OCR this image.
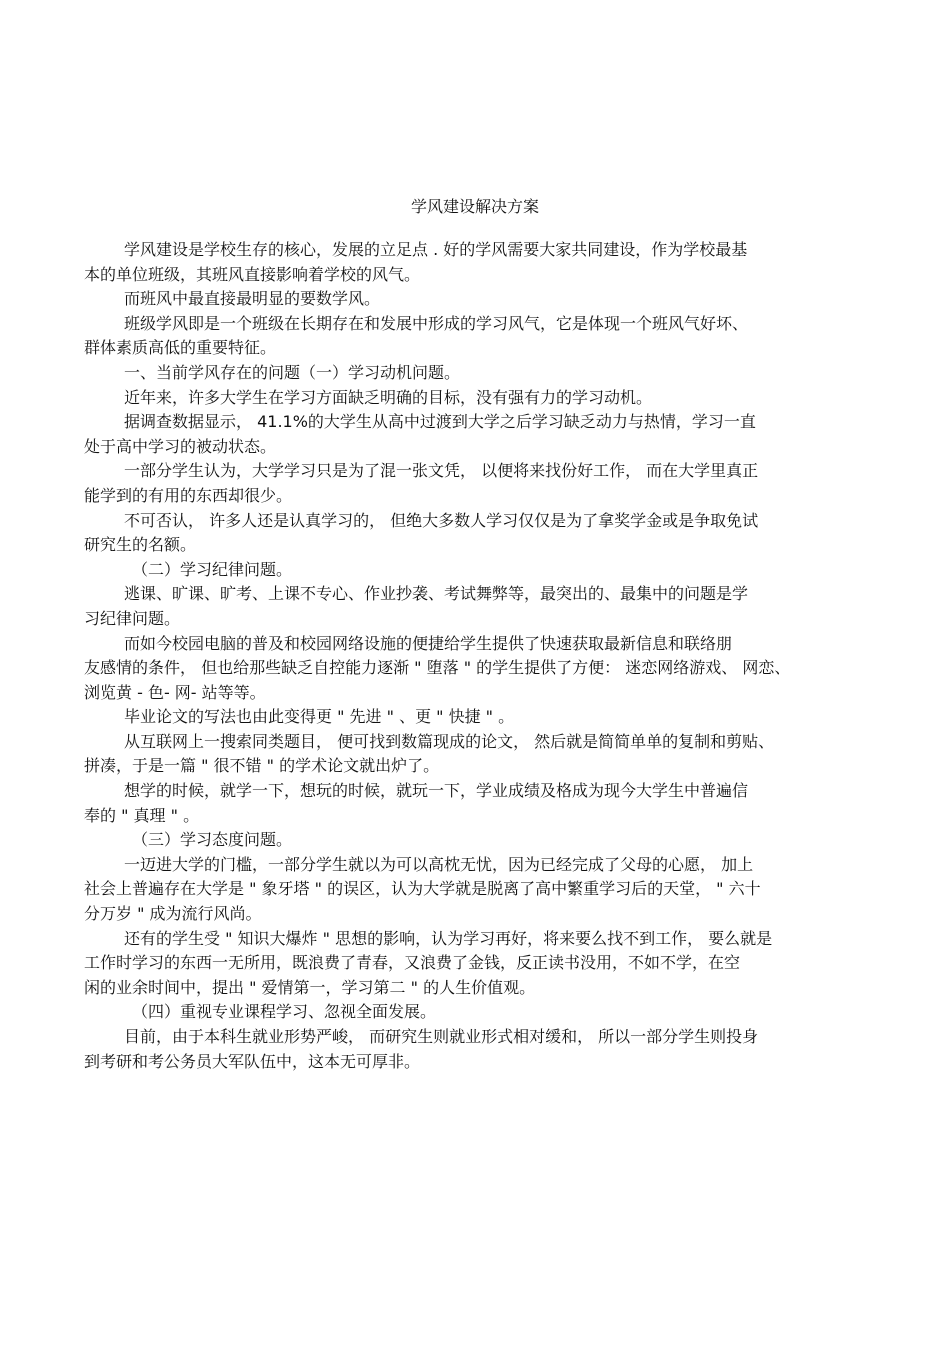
学风建设解决方案

学风建设是学校生存的核心，发展的立足点 . 好的学风需要大家共同建设，作为学校最基
本的单位班级，其班风直接影响着学校的风气。

而班风中最直接最明显的要数学风。

班级学风即是一个班级在长期存在和发展中形成的学习风气，它是体现一个班风气好坏、
群体素质高低的重要特征。

一、当前学风存在的问题（一）学习动机问题。

近年来，许多大学生在学习方面缺乏明确的目标，没有强有力的学习动机。

据调查数据显示， 41.1%的大学生从高中过渡到大学之后学习缺乏动力与热情，学习一直
处于高中学习的被动状态。

一部分学生认为，大学学习只是为了混一张文凭， 以便将来找份好工作， 而在大学里真正
能学到的有用的东西却很少。

不可否认， 许多人还是认真学习的， 但绝大多数人学习仅仅是为了拿奖学金或是争取免试
研究生的名额。

（二）学习纪律问题。

逃课、旷课、旷考、上课不专心、作业抄袭、考试舞弊等，最突出的、最集中的问题是学
习纪律问题。

而如今校园电脑的普及和校园网络设施的便捷给学生提供了快速获取最新信息和联络朋
友感情的条件， 但也给那些缺乏自控能力逐渐 " 堕落 " 的学生提供了方便： 迷恋网络游戏、 网恋、
浏览黄 - 色- 网- 站等等。

毕业论文的写法也由此变得更 " 先进 " 、更 " 快捷 " 。

从互联网上一搜索同类题目， 便可找到数篇现成的论文， 然后就是简简单单的复制和剪贴、
拼凑，于是一篇 " 很不错 " 的学术论文就出炉了。

想学的时候，就学一下，想玩的时候，就玩一下，学业成绩及格成为现今大学生中普遍信
奉的 " 真理 " 。

（三）学习态度问题。

一迈进大学的门槛，一部分学生就以为可以高枕无忧，因为已经完成了父母的心愿， 加上
社会上普遍存在大学是 " 象牙塔 " 的误区，认为大学就是脱离了高中繁重学习后的天堂， " 六十
分万岁 " 成为流行风尚。

还有的学生受 " 知识大爆炸 " 思想的影响，认为学习再好，将来要么找不到工作， 要么就是
工作时学习的东西一无所用，既浪费了青春，又浪费了金钱，反正读书没用，不如不学，在空
闲的业余时间中，提出 " 爱情第一，学习第二 " 的人生价值观。

（四）重视专业课程学习、忽视全面发展。

目前，由于本科生就业形势严峻， 而研究生则就业形式相对缓和， 所以一部分学生则投身
到考研和考公务员大军队伍中，这本无可厚非。
